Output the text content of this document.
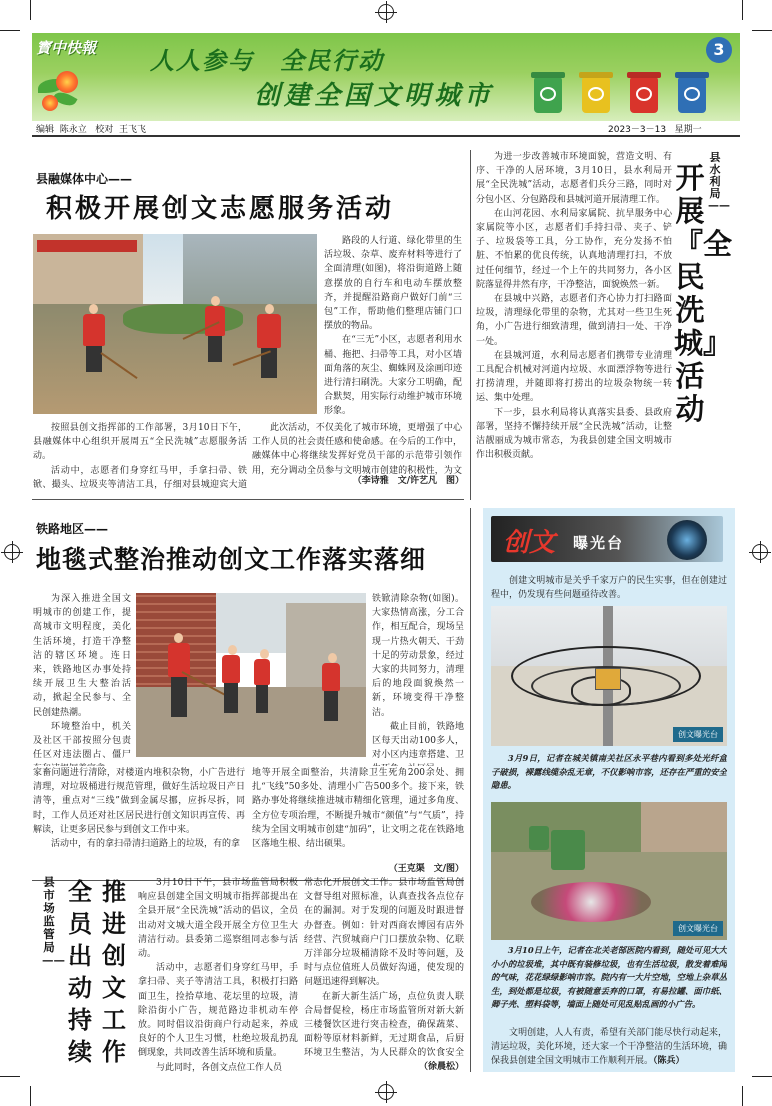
寳中快報 人人参与　全民行动
创建全国文明城市
3
编辑  陈永立   校对  王飞飞	2023－3－13   星期一
县融媒体中心——
积极开展创文志愿服务活动

路段的人行道、绿化带里的生活垃圾、杂草、废弃材料等进行了全面清理(如图)，将沿街道路上随意摆放的自行车和电动车摆放整齐，并提醒沿路商户做好门前“三包”工作，帮助他们整理店铺门口摆放的物品。

在“三无”小区，志愿者利用水桶、拖把、扫帚等工具，对小区墙面角落的灰尘、蜘蛛网及涂画印迹进行清扫刷洗。大家分工明确，配合默契，用实际行动维护城市环境形象。

按照县创文指挥部的工作部署，3月10日下午，县融媒体中心组织开展周五“全民洗城”志愿服务活动。

活动中，志愿者们身穿红马甲，手拿扫帚、铁锨、撮头、垃圾夹等清洁工具，仔细对县城迎宾大道

此次活动，不仅美化了城市环境，更增强了中心工作人员的社会责任感和使命感。在今后的工作中，融媒体中心将继续发挥好党员干部的示范带引领作用，充分调动全员参与文明城市创建的积极性，为文

（李诗雅　文/许艺凡　图）

为进一步改善城市环境面貌，营造文明、有序、干净的人居环境，3月10日，县水利局开展“全民洗城”活动，志愿者们兵分三路，同时对分包小区、分包路段和县城河道开展清理工作。

在山河花园、水利局家属院、抗旱服务中心家属院等小区，志愿者们手持扫帚、夹子、铲子、垃圾袋等工具，分工协作，充分发扬不怕脏、不怕累的优良传统，认真地清理打扫，不放过任何细节，经过一个上午的共同努力，各小区院落显得井然有序，干净整洁，面貌焕然一新。

在县城中兴路，志愿者们齐心协力打扫路面垃圾，清理绿化带里的杂物，尤其对一些卫生死角，小广告进行细致清理，做到清扫一处、干净一处。

在县城河道，水利局志愿者们携带专业清理工具配合机械对河道内垃圾、水面漂浮物等进行打捞清理，并随即将打捞出的垃圾杂物统一转运、集中处理。

下一步，县水利局将认真落实县委、县政府部署，坚持不懈持续开展“全民洗城”活动，让整洁靓丽成为城市常态，为我县创建全国文明城市作出积极贡献。

县水利局——
开展『全民洗城』活动
铁路地区——
地毯式整治推动创文工作落实落细

为深入推进全国文明城市的创建工作，提高城市文明程度，美化生活环境，打造干净整洁的辖区环境。连日来，铁路地区办事处持续开展卫生大整治活动，掀起全民参与、全民创建热潮。

环境整治中，机关及社区干部按照分包责任区对违法圈占、僵尸

铁锨清除杂物(如图)。大家热情高涨，分工合作，相互配合，现场呈现一片热火朝天、干劲十足的劳动景象，经过大家的共同努力，清理后的地段面貌焕然一新，环境变得干净整洁。

截止目前，铁路地区每天出动100多人，对小区内违章搭建、卫

家畜问题进行清除，对楼道内堆积杂物，小广告进行清理，对垃圾桶进行规范管理，做好生活垃圾日产日清等，重点对“三线”做到金属尽挪，应拆尽拆，同时，工作人员还对社区居民进行创文知识再宣传、再解读，让更多居民参与到创文工作中来。

活动中，有的拿扫帚清扫道路上的垃圾，有的拿

地等开展全面整治，共清除卫生死角200余处、拥扎“飞线”50多处、清理小广告500多个。接下来，铁路办事处将继续推进城市精细化管理，通过多角度、全方位专项治理，不断提升城市“颜值”与“气质”，持续为全国文明城市创建“加码”，让文明之花在铁路地区落地生根、结出硕果。

（王克渠　文/图）
县市场监管局——
推进创文工作
全员出动持续

3月10日下午，县市场监管局积极响应县创建全国文明城市指挥部提出在全县开展“全民洗城”活动的倡议，全员出动对文城大道全段开展全方位卫生大清洁行动。县委第二巡察组同志参与活动。

活动中，志愿者们身穿红马甲，手拿扫帚、夹子等清洁工具，积极打扫路面卫生，捡拾草地、花坛里的垃圾，清除沿街小广告，规范路边非机动车停放。同时倡议沿街商户行动起来，养成良好的个人卫生习惯，杜绝垃圾乱扔乱倒现象，共同改善生活环境和质量。

与此同时，各创文点位工作人员

常态化开展创文工作。县市场监管局创文督导组对照标准，认真查找各点位存在的漏洞。对于发现的问题及时跟进督办督查。例如：针对西商农博园有店外经营、汽贸城商户门口摆放杂物、亿联万洋部分垃圾桶清除不及时等问题，及时与点位值班人员做好沟通，使发现的问题迅速得到解决。

在新大新生活广场，点位负责人联合局督促检，杨庄市场监管所对新大新三楼餐饮区进行突击检查，确保蔬菜、面粉等原材料新鲜，无过期食品，后厨环境卫生整洁，为人民群众的饮食安全

（徐晨松）
创文 曝光台

创建文明城市是关乎千家万户的民生实事，但在创建过程中，仍发现有些问题亟待改善。

创文曝光台

3月9日，记者在城关镇南关社区永平巷内看到多处光纤盒子破损，裸露线缆杂乱无章，不仅影响市容，还存在严重的安全隐患。

创文曝光台

3月10日上午，记者在北关老郜医院内看到，随处可见大大小小的垃圾堆，其中既有装修垃圾，也有生活垃圾，散发着难闻的气味，花花绿绿影响市容。院内有一大片空地，空地上杂草丛生，到处都是垃圾，有被随意丢弃的口罩，有易拉罐、面巾纸、卿子壳、塑料袋等，墙面上随处可见乱贴乱画的小广告。

文明创建，人人有责，希望有关部门能尽快行动起来，清运垃圾，美化环境，还大家一个干净整洁的生活环境，确保我县创建全国文明城市工作顺利开展。（陈兵）
